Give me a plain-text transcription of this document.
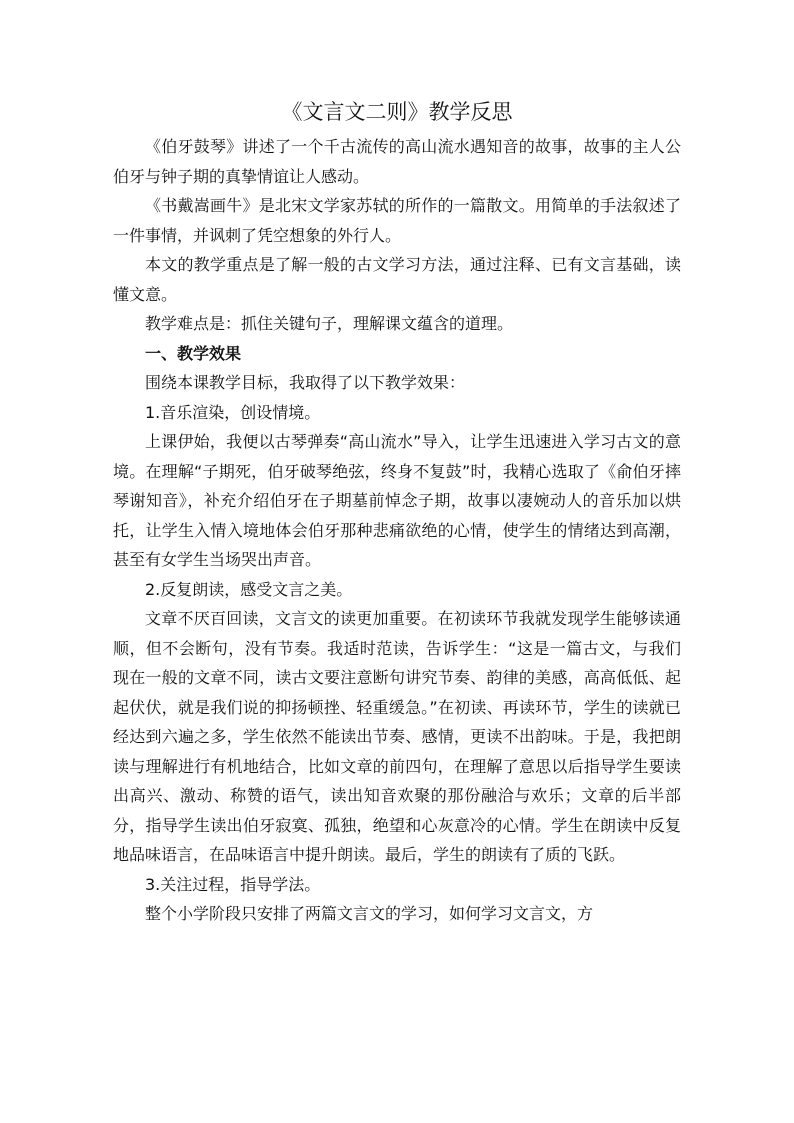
《文言文二则》教学反思

《伯牙鼓琴》讲述了一个千古流传的高山流水遇知音的故事，故事的主人公伯牙与钟子期的真挚情谊让人感动。

《书戴嵩画牛》是北宋文学家苏轼的所作的一篇散文。用简单的手法叙述了一件事情，并讽刺了凭空想象的外行人。

本文的教学重点是了解一般的古文学习方法，通过注释、已有文言基础，读懂文意。

教学难点是：抓住关键句子，理解课文蕴含的道理。

一、教学效果

围绕本课教学目标，我取得了以下教学效果：

1.音乐渲染，创设情境。

上课伊始，我便以古琴弹奏“高山流水”导入，让学生迅速进入学习古文的意境。在理解“子期死，伯牙破琴绝弦，终身不复鼓”时，我精心选取了《俞伯牙摔琴谢知音》，补充介绍伯牙在子期墓前悼念子期，故事以凄婉动人的音乐加以烘托，让学生入情入境地体会伯牙那种悲痛欲绝的心情，使学生的情绪达到高潮，甚至有女学生当场哭出声音。

2.反复朗读，感受文言之美。

文章不厌百回读，文言文的读更加重要。在初读环节我就发现学生能够读通顺，但不会断句，没有节奏。我适时范读，告诉学生：“这是一篇古文，与我们现在一般的文章不同，读古文要注意断句讲究节奏、韵律的美感，高高低低、起起伏伏，就是我们说的抑扬顿挫、轻重缓急。”在初读、再读环节，学生的读就已经达到六遍之多，学生依然不能读出节奏、感情，更读不出韵味。于是，我把朗读与理解进行有机地结合，比如文章的前四句，在理解了意思以后指导学生要读出高兴、激动、称赞的语气，读出知音欢聚的那份融洽与欢乐；文章的后半部分，指导学生读出伯牙寂寞、孤独，绝望和心灰意冷的心情。学生在朗读中反复地品味语言，在品味语言中提升朗读。最后，学生的朗读有了质的飞跃。

3.关注过程，指导学法。

整个小学阶段只安排了两篇文言文的学习，如何学习文言文，方
